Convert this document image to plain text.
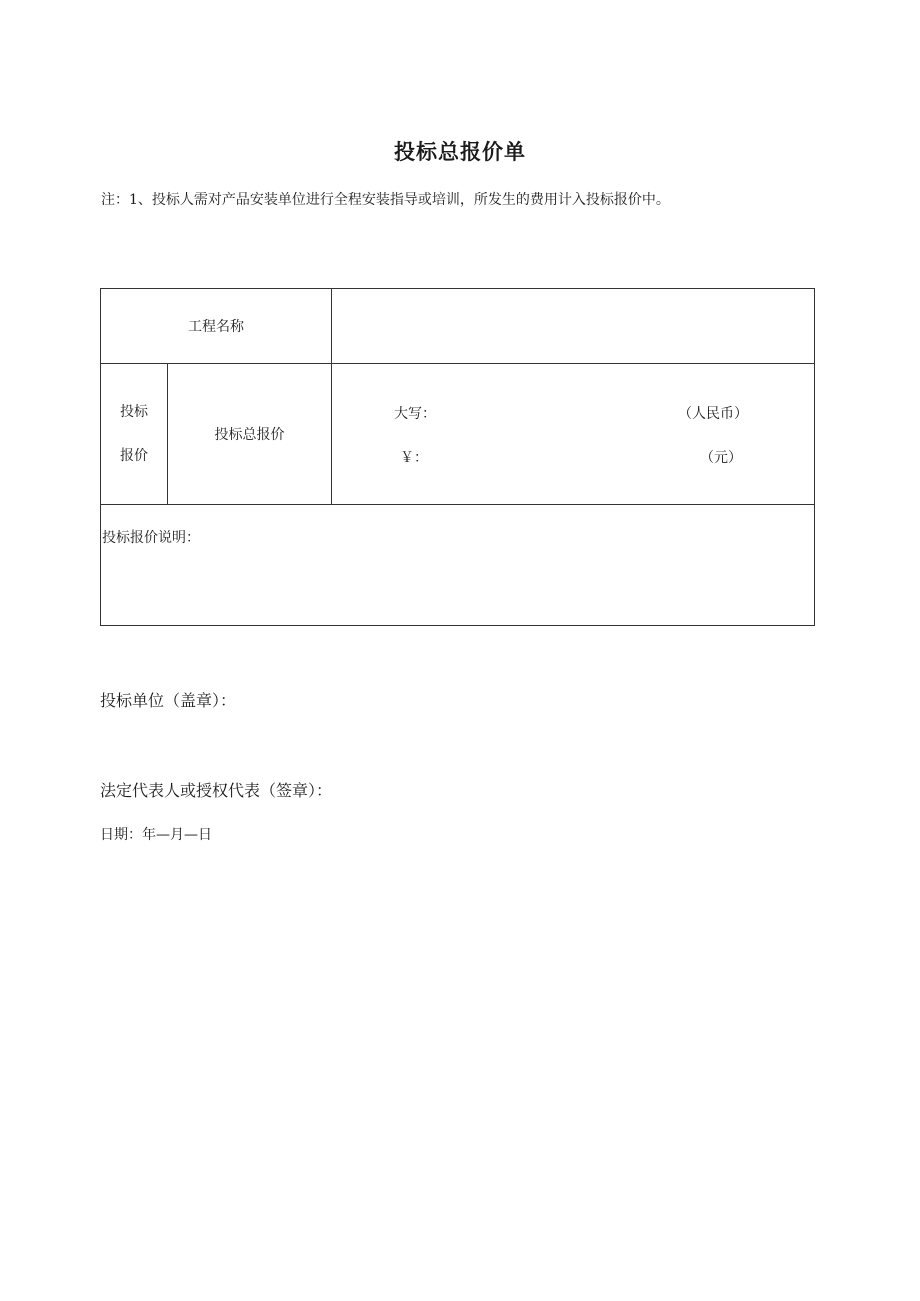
投标总报价单
注：1、投标人需对产品安装单位进行全程安装指导或培训，所发生的费用计入投标报价中。
工程名称		

投标
报价	投标总报价	大写： （人民币）
￥： （元）

投标报价说明：		
投标单位（盖章）：
法定代表人或授权代表（签章）：
日期：年—月—日
